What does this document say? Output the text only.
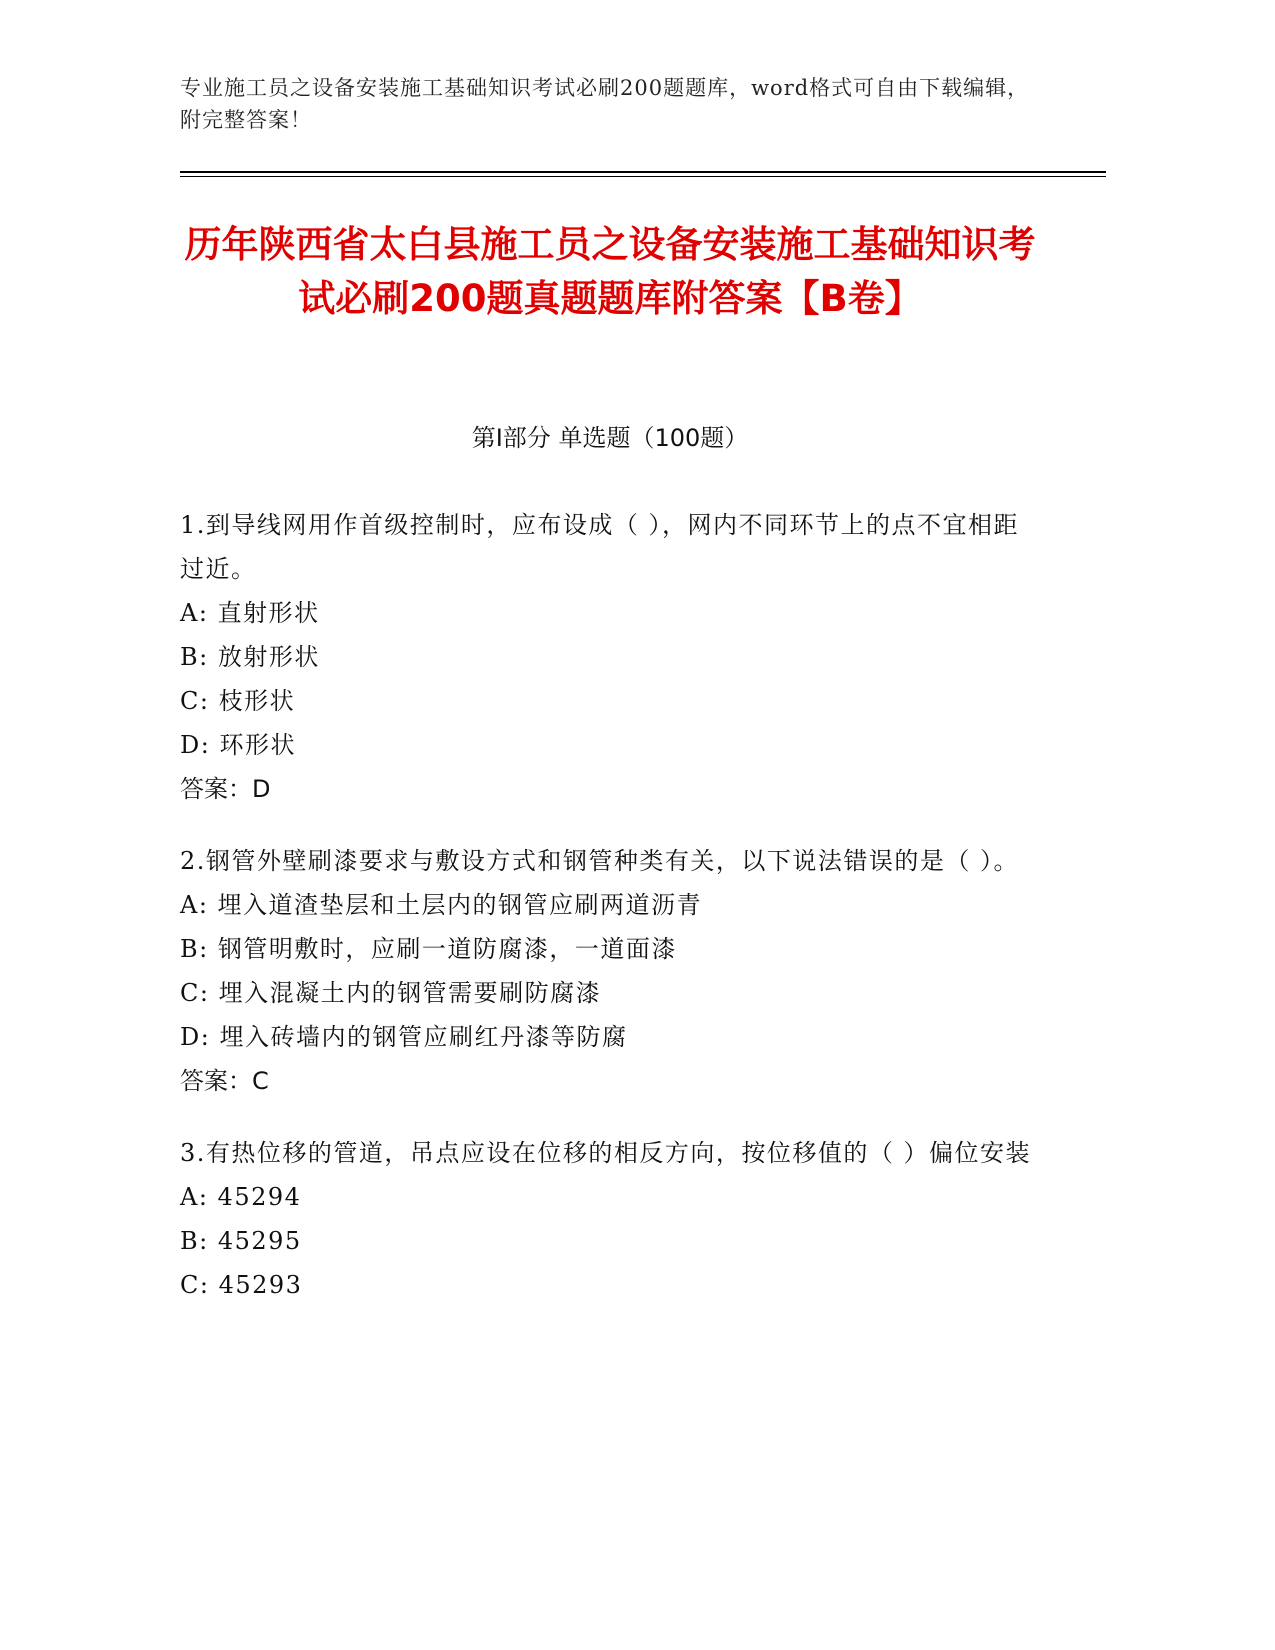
专业施工员之设备安装施工基础知识考试必刷200题题库，word格式可自由下载编辑，附完整答案！
历年陕西省太白县施工员之设备安装施工基础知识考试必刷200题真题题库附答案【B卷】
第I部分 单选题（100题）
1.到导线网用作首级控制时，应布设成（ ），网内不同环节上的点不宜相距过近。
A: 直射形状
B: 放射形状
C: 枝形状
D: 环形状
答案：D
2.钢管外壁刷漆要求与敷设方式和钢管种类有关，以下说法错误的是（ ）。
A: 埋入道渣垫层和土层内的钢管应刷两道沥青
B: 钢管明敷时，应刷一道防腐漆，一道面漆
C: 埋入混凝土内的钢管需要刷防腐漆
D: 埋入砖墙内的钢管应刷红丹漆等防腐
答案：C
3.有热位移的管道，吊点应设在位移的相反方向，按位移值的（ ）偏位安装
A: 45294
B: 45295
C: 45293
